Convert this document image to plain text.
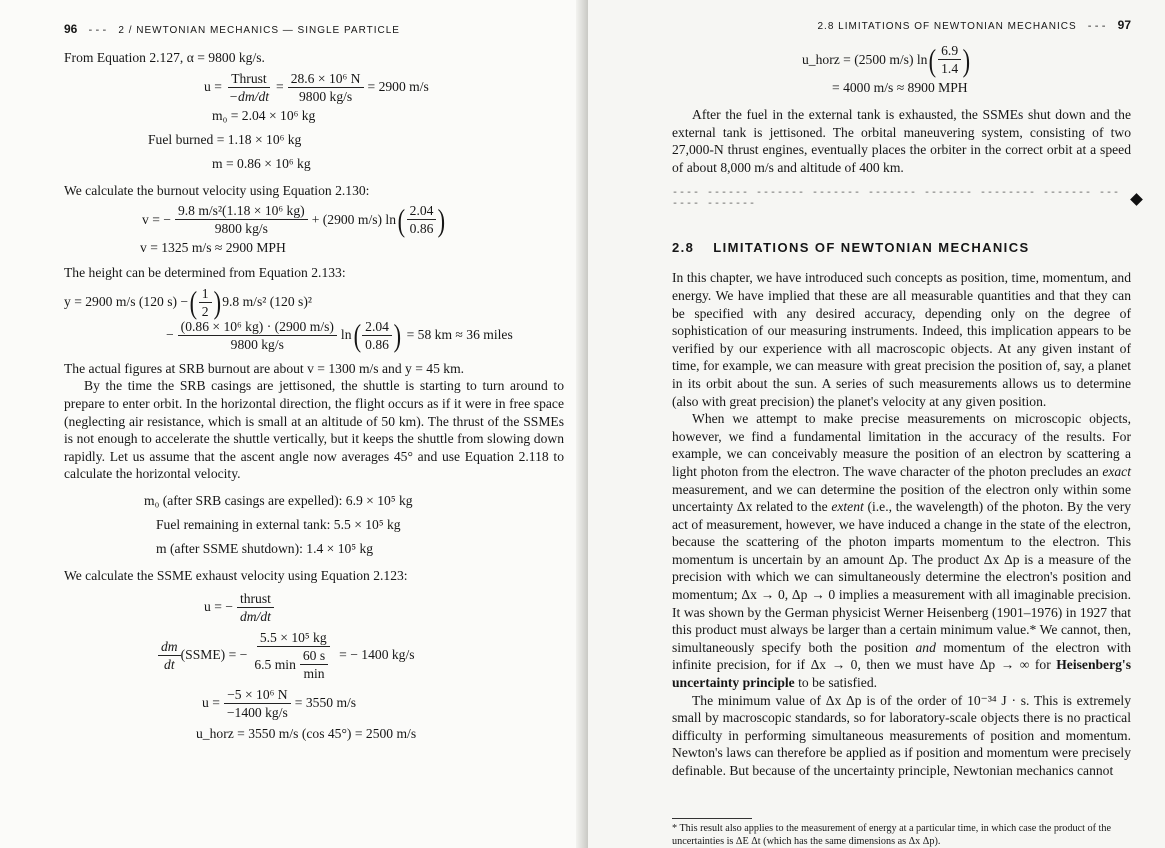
96 --- 2 / NEWTONIAN MECHANICS — SINGLE PARTICLE

From Equation 2.127, α = 9800 kg/s.

$u = \frac{\text{Thrust}}{-dm/dt} = \frac{\text{28.6 × 10⁶ N}}{9800 kg/s} = 2900$ m/s
m₀ = 2.04 × 10⁶ kg
Fuel burned = 1.18 × 10⁶ kg
m = 0.86 × 10⁶ kg

We calculate the burnout velocity using Equation 2.130:

v = − $\frac{\text{9.8 m/s²(1.18 × 10⁶ kg)}}{9800 kg/s} + (2900$ m/s) ln ( $\frac{2.04}{0.86}$ )
v = 1325 m/s ≈ 2900 MPH

The height can be determined from Equation 2.133:

y = 2900 m/s (120 s) − ( $\frac{1}{2}$ ) 9.8 m/s² (120 s)²
− $\frac{\text{(0.86 × 10⁶ kg) · (2900 m/s)}}{9800 kg/s}$ ln ( $\frac{2.04}{0.86}$ ) = 58 km ≈ 36 miles

The actual figures at SRB burnout are about v = 1300 m/s and y = 45 km.

By the time the SRB casings are jettisoned, the shuttle is starting to turn around to prepare to enter orbit. In the horizontal direction, the flight occurs as if it were in free space (neglecting air resistance, which is small at an altitude of 50 km). The thrust of the SSMEs is not enough to accelerate the shuttle vertically, but it keeps the shuttle from slowing down rapidly. Let us assume that the ascent angle now averages 45° and use Equation 2.118 to calculate the horizontal velocity.

m₀ (after SRB casings are expelled): 6.9 × 10⁵ kg
Fuel remaining in external tank: 5.5 × 10⁵ kg
m (after SSME shutdown): 1.4 × 10⁵ kg

We calculate the SSME exhaust velocity using Equation 2.123:

u = − $\frac{\text{thrust}}{dm/dt}$
$\frac{dm}{dt}$ (SSME) = − $\frac{\text{5.5 × 10⁵ kg}}{6.5 \min \frac{60 s}{\min}}$ = − 1400 kg/s
$u = \frac{\text{−5 × 10⁶ N}}{-1400 kg/s} = 3550$ m/s
u_horz = 3550 m/s (cos 45°) = 2500 m/s
2.8 LIMITATIONS OF NEWTONIAN MECHANICS --- 97
u_horz = (2500 m/s) ln ( $\frac{6.9}{1.4}$ )
= 4000 m/s ≈ 8900 MPH

After the fuel in the external tank is exhausted, the SSMEs shut down and the external tank is jettisoned. The orbital maneuvering system, consisting of two 27,000-N thrust engines, eventually places the orbiter in the correct orbit at a speed of about 8,000 m/s and altitude of 400 km.

---- ------ ------- ------- ------- ------- -------- ------- ------- -------
2.8 LIMITATIONS OF NEWTONIAN MECHANICS

In this chapter, we have introduced such concepts as position, time, momentum, and energy. We have implied that these are all measurable quantities and that they can be specified with any desired accuracy, depending only on the degree of sophistication of our measuring instruments. Indeed, this implication appears to be verified by our experience with all macroscopic objects. At any given instant of time, for example, we can measure with great precision the position of, say, a planet in its orbit about the sun. A series of such measurements allows us to determine (also with great precision) the planet's velocity at any given position.

When we attempt to make precise measurements on microscopic objects, however, we find a fundamental limitation in the accuracy of the results. For example, we can conceivably measure the position of an electron by scattering a light photon from the electron. The wave character of the photon precludes an exact measurement, and we can determine the position of the electron only within some uncertainty Δx related to the extent (i.e., the wavelength) of the photon. By the very act of measurement, however, we have induced a change in the state of the electron, because the scattering of the photon imparts momentum to the electron. This momentum is uncertain by an amount Δp. The product Δx Δp is a measure of the precision with which we can simultaneously determine the electron's position and momentum; Δx → 0, Δp → 0 implies a measurement with all imaginable precision. It was shown by the German physicist Werner Heisenberg (1901–1976) in 1927 that this product must always be larger than a certain minimum value.* We cannot, then, simultaneously specify both the position and momentum of the electron with infinite precision, for if Δx → 0, then we must have Δp → ∞ for Heisenberg's uncertainty principle to be satisfied.

The minimum value of Δx Δp is of the order of 10⁻³⁴ J · s. This is extremely small by macroscopic standards, so for laboratory-scale objects there is no practical difficulty in performing simultaneous measurements of position and momentum. Newton's laws can therefore be applied as if position and momentum were precisely definable. But because of the uncertainty principle, Newtonian mechanics cannot

* This result also applies to the measurement of energy at a particular time, in which case the product of the uncertainties is ΔE Δt (which has the same dimensions as Δx Δp).
